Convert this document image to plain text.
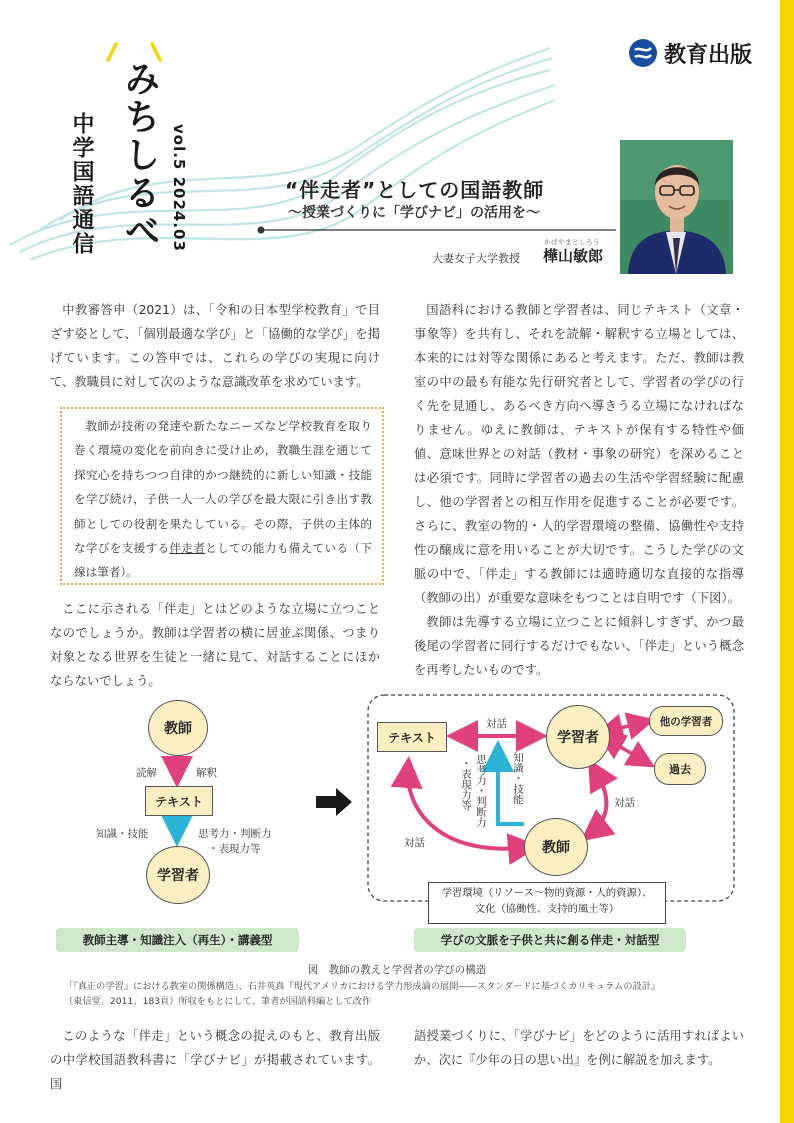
みちしるべ
中学国語通信	vol.5 2024.03
教育出版
“伴走者”としての国語教師
〜授業づくりに「学びナビ」の活用を〜
大妻女子大学教授
かばやまとしろう
樺山敏郎

中教審答申（2021）は、「令和の日本型学校教育」で目ざす姿として、「個別最適な学び」と「協働的な学び」を掲げています。この答申では、これらの学びの実現に向けて、教職員に対して次のような意識改革を求めています。

教師が技術の発達や新たなニーズなど学校教育を取り巻く環境の変化を前向きに受け止め，教職生涯を通じて探究心を持ちつつ自律的かつ継続的に新しい知識・技能を学び続け，子供一人一人の学びを最大限に引き出す教師としての役割を果たしている。その際，子供の主体的な学びを支援する伴走者としての能力も備えている（下線は筆者）。

ここに示される「伴走」とはどのような立場に立つことなのでしょうか。教師は学習者の横に居並ぶ関係、つまり対象となる世界を生徒と一緒に見て、対話することにほかならないでしょう。

国語科における教師と学習者は、同じテキスト（文章・事象等）を共有し、それを読解・解釈する立場としては、本来的には対等な関係にあると考えます。ただ、教師は教室の中の最も有能な先行研究者として、学習者の学びの行く先を見通し、あるべき方向へ導きうる立場になければなりません。ゆえに教師は、テキストが保有する特性や価値、意味世界との対話（教材・事象の研究）を深めることは必須です。同時に学習者の過去の生活や学習経験に配慮し、他の学習者との相互作用を促進することが必要です。さらに、教室の物的・人的学習環境の整備、協働性や支持性の醸成に意を用いることが大切です。こうした学びの文脈の中で、「伴走」する教師には適時適切な直接的な指導（教師の出）が重要な意味をもつことは自明です（下図）。

教師は先導する立場に立つことに傾斜しすぎず、かつ最後尾の学習者に同行するだけでもない、「伴走」という概念を再考したいものです。

教師
読解	解釈
テキスト
知識・技能	思考力・判断力
・表現力等
学習者
教師主導・知識注入（再生）・講義型
テキスト
対話
学習者
他の学習者
過去
対話
対話
思考力・判断力
・表現力等	知識・技能
教師
学習環境（リソース〜物的資源・人的資源）、
文化（協働性、支持的風土等）
学びの文脈を子供と共に創る伴走・対話型
図　教師の教えと学習者の学びの構造
「『真正の学習』における教室の関係構造」、石井英真『現代アメリカにおける学力形成論の展開――スタンダードに基づくカリキュラムの設計』
（東信堂、2011、183頁）所収をもとにして、筆者が国語科編として改作

このような「伴走」という概念の捉えのもと、教育出版の中学校国語教科書に「学びナビ」が掲載されています。国

語授業づくりに、「学びナビ」をどのように活用すればよいか、次に『少年の日の思い出』を例に解説を加えます。
